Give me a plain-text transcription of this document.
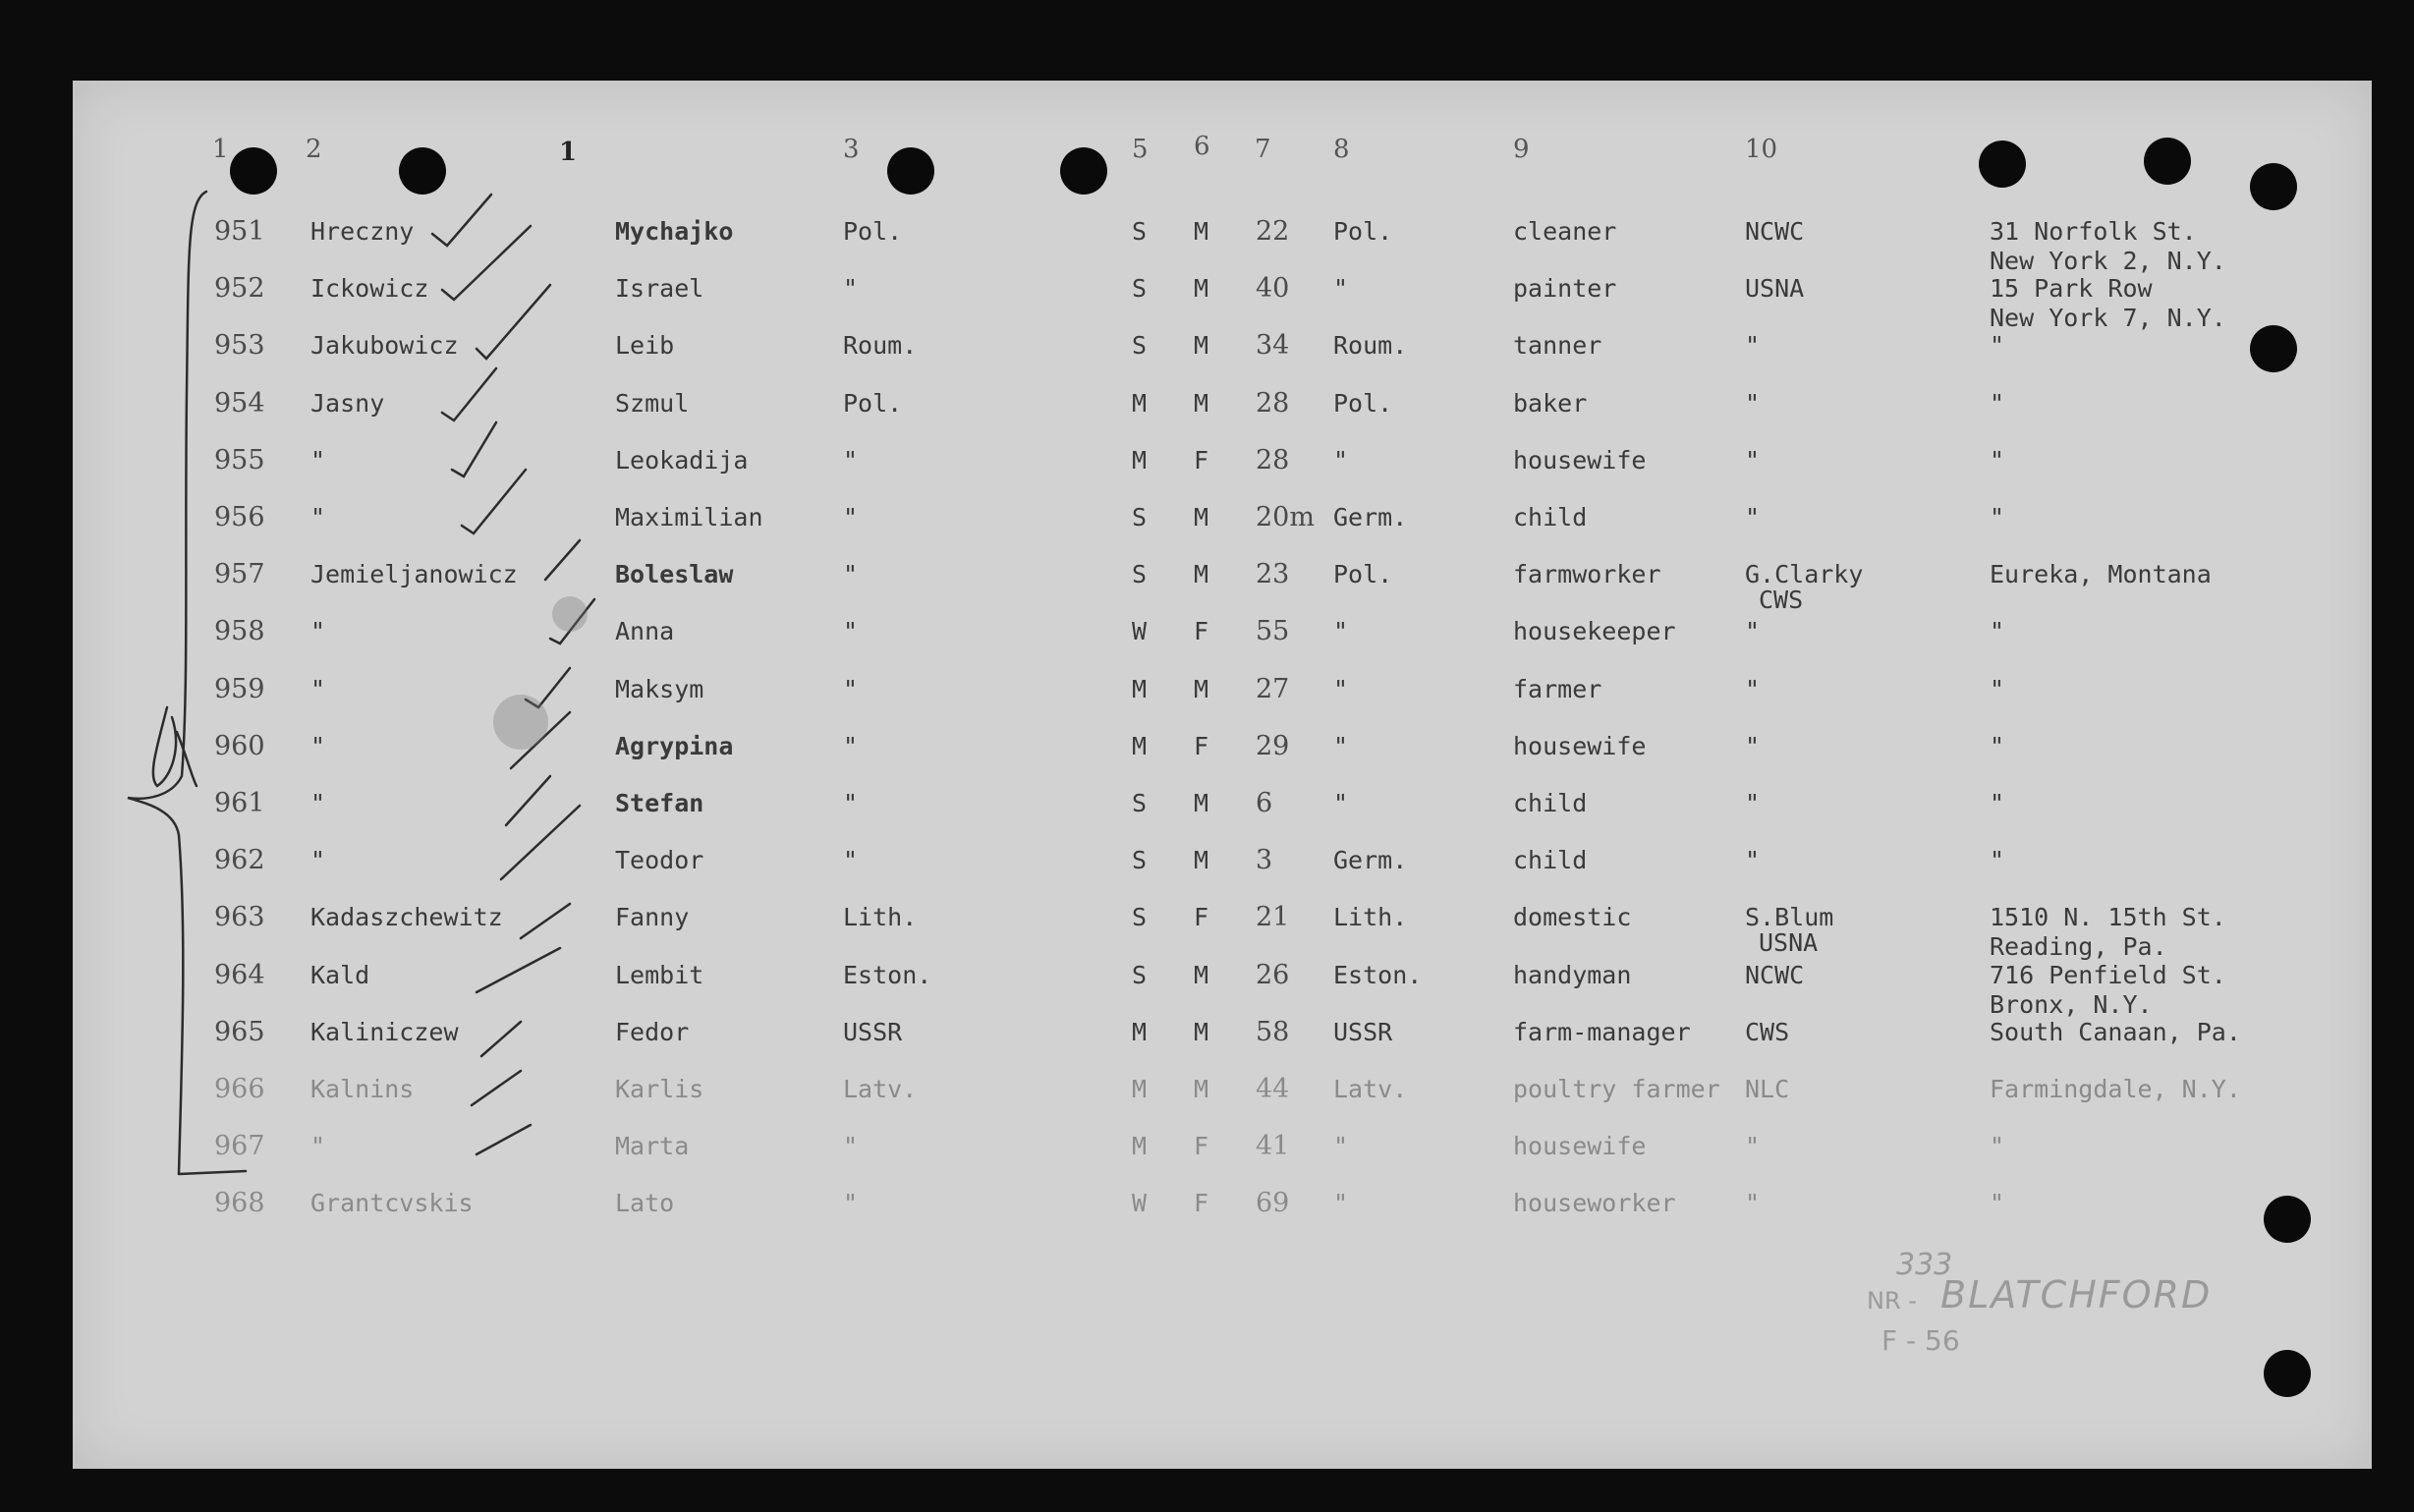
1	2	1	3	5 6 7 8	9	10
951 Hreczny	Mychajko	Pol.	S M 22 Pol.	cleaner	NCWC	31 Norfolk St.
New York 2, N.Y.
952 Ickowicz	Israel	"	S M 40 "	painter	USNA	15 Park Row
New York 7, N.Y.
953 Jakubowicz	Leib	Roum.	S M 34 Roum.	tanner	"	"
954 Jasny	Szmul	Pol.	M M 28 Pol.	baker	"	"
955 "	Leokadija	"	M F 28 "	housewife	"	"
956 "	Maximilian	"	S M 20m Germ.	child	"	"
957 Jemieljanowicz	Boleslaw	"	S M 23 Pol.	farmworker	G.Clarky	Eureka, Montana
CWS
958 "	Anna	"	W F 55 "	housekeeper	"	"
959 "	Maksym	"	M M 27 "	farmer	"	"
960 "	Agrypina	"	M F 29 "	housewife	"	"
961 "	Stefan	"	S M 6 "	child	"	"
962 "	Teodor	"	S M 3 Germ.	child	"	"
963 Kadaszchewitz	Fanny	Lith.	S F 21 Lith.	domestic	S.Blum	1510 N. 15th St.
USNA	Reading, Pa.
964 Kald	Lembit	Eston.	S M 26 Eston.	handyman	NCWC	716 Penfield St.
Bronx, N.Y.
965 Kaliniczew	Fedor	USSR	M M 58 USSR	farm-manager CWS	South Canaan, Pa.
966 Kalnins	Karlis	Latv.	M M 44 Latv.	poultry farmer NLC	Farmingdale, N.Y.
967 "	Marta	"	M F 41 "	housewife	"	"
968 Grantcvskis	Lato	"	W F 69 "	houseworker	"	"
333
NR - BLATCHFORD
F - 56
